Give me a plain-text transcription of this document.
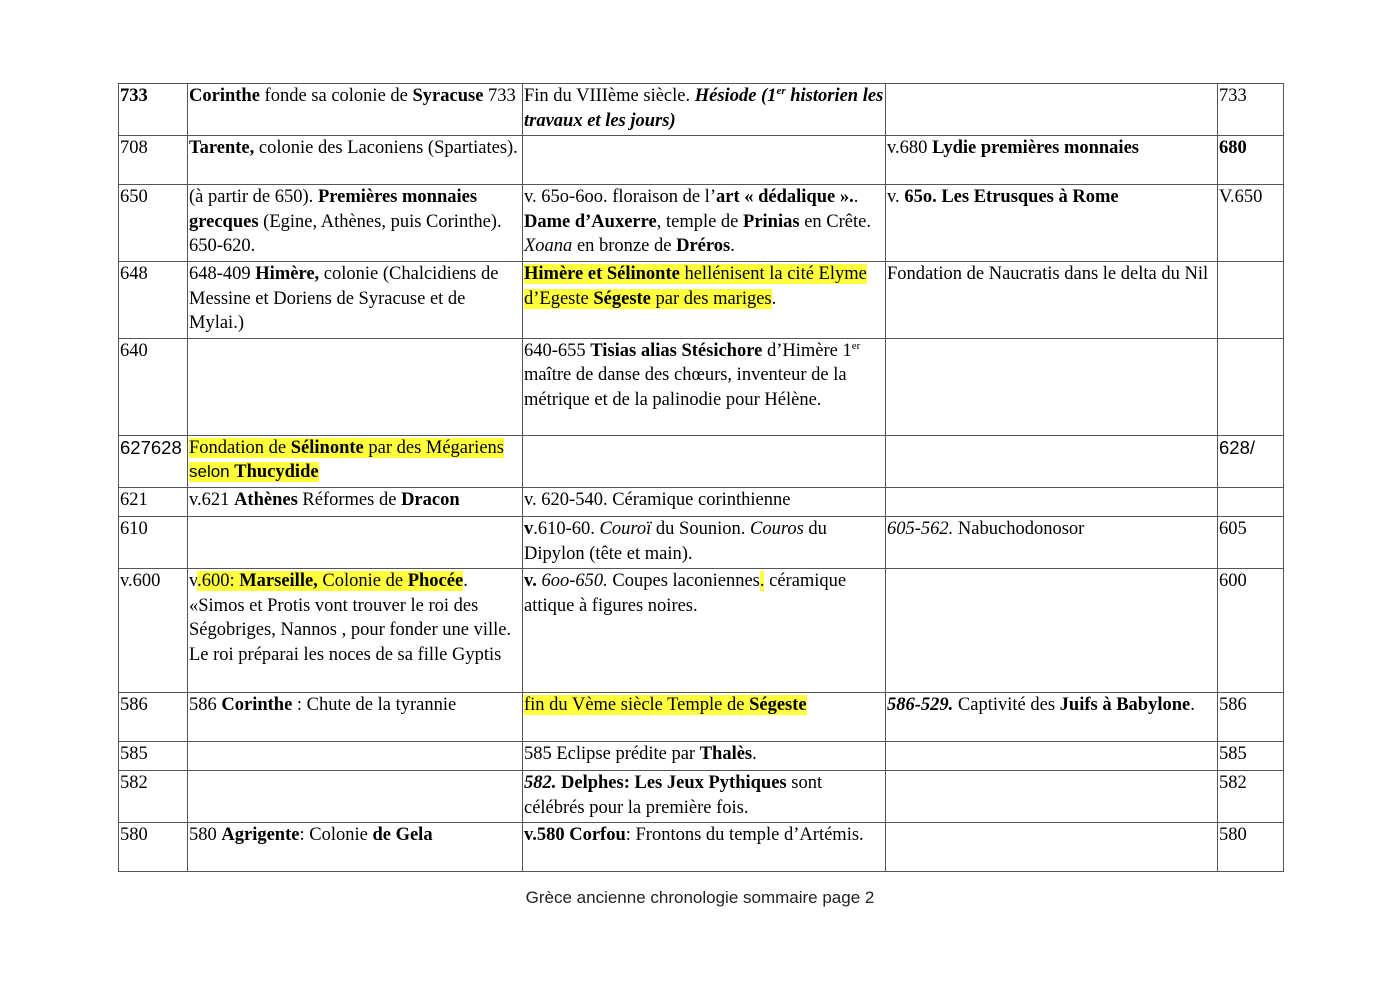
733	Corinthe fonde sa colonie de Syracuse 733	Fin du VIIIème siècle. Hésiode (1er historien les travaux et les jours)		733
708	Tarente, colonie des Laconiens (Spartiates).		v.680 Lydie premières monnaies	680
650	(à partir de 650). Premières monnaies grecques (Egine, Athènes, puis Corinthe). 650-620.	v. 65o-6oo. floraison de l’art « dédalique ».. Dame d’Auxerre, temple de Prinias en Crête. Xoana en bronze de Dréros.	v. 65o. Les Etrusques à Rome	V.650
648	648-409 Himère, colonie (Chalcidiens de Messine et Doriens de Syracuse et de Mylai.)	Himère et Sélinonte hellénisent la cité Elyme d’Egeste Ségeste par des mariges.	Fondation de Naucratis dans le delta du Nil	
640		640-655 Tisias alias Stésichore d’Himère 1er maître de danse des chœurs, inventeur de la métrique et de la palinodie pour Hélène.		
627628	Fondation de Sélinonte par des Mégariens selon Thucydide			628/
621	v.621 Athènes Réformes de Dracon	v. 620-540. Céramique corinthienne		
610		v.610-60. Couroï du Sounion. Couros du Dipylon (tête et main).	605-562. Nabuchodonosor	605
v.600	v.600: Marseille, Colonie de Phocée. «Simos et Protis vont trouver le roi des Ségobriges, Nannos , pour fonder une ville. Le roi préparai les noces de sa fille Gyptis	v. 6oo-650. Coupes laconiennes. céramique attique à figures noires.		600
586	586 Corinthe : Chute de la tyrannie	fin du Vème siècle Temple de Ségeste	586-529. Captivité des Juifs à Babylone.	586
585		585 Eclipse prédite par Thalès.		585
582		582. Delphes: Les Jeux Pythiques sont célébrés pour la première fois.		582
580	580 Agrigente: Colonie de Gela	v.580 Corfou: Frontons du temple d’Artémis.		580
Grèce ancienne chronologie sommaire page 2
